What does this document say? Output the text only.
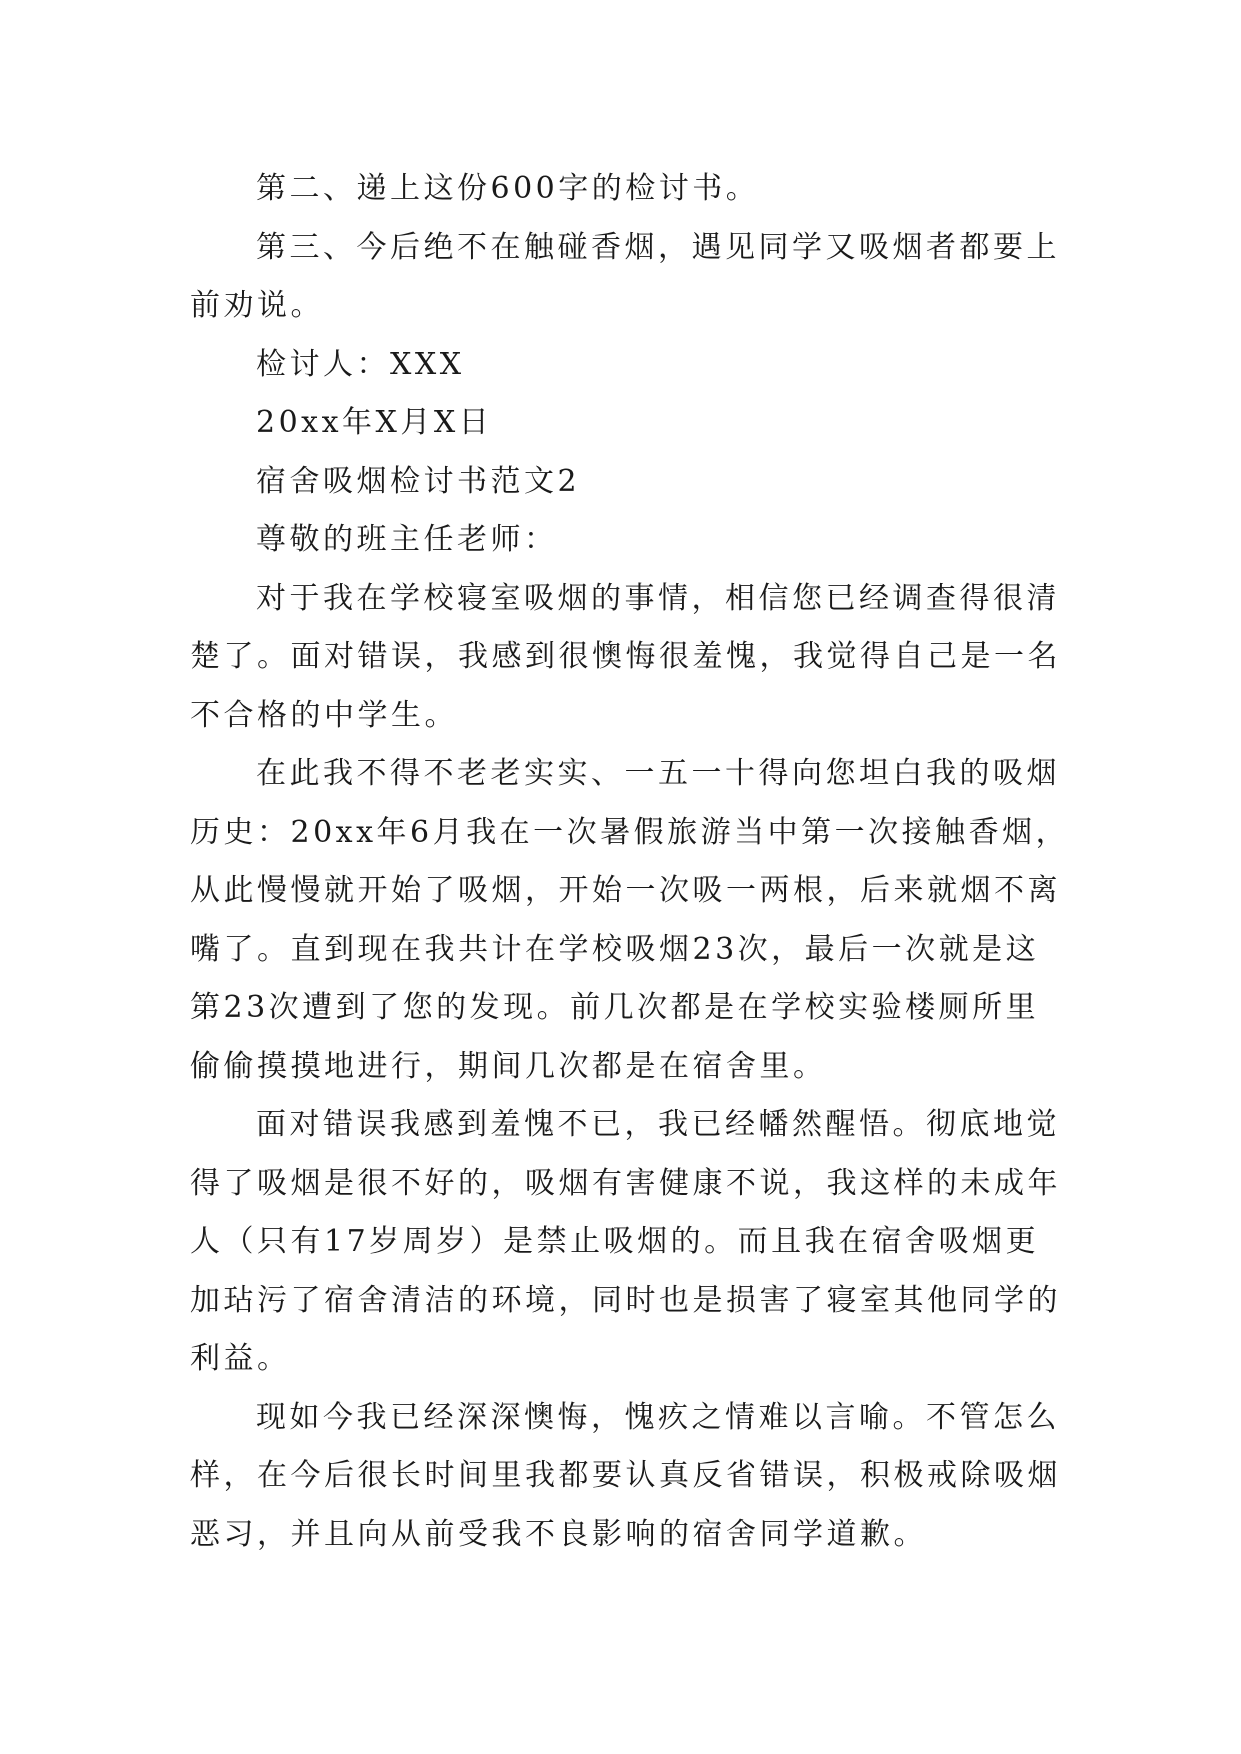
第二、递上这份600字的检讨书。
第三、今后绝不在触碰香烟，遇见同学又吸烟者都要上
前劝说。
检讨人：XXX
20xx年X月X日
宿舍吸烟检讨书范文2
尊敬的班主任老师：
对于我在学校寝室吸烟的事情，相信您已经调查得很清
楚了。面对错误，我感到很懊悔很羞愧，我觉得自己是一名
不合格的中学生。
在此我不得不老老实实、一五一十得向您坦白我的吸烟
历史：20xx年6月我在一次暑假旅游当中第一次接触香烟，
从此慢慢就开始了吸烟，开始一次吸一两根，后来就烟不离
嘴了。直到现在我共计在学校吸烟23次，最后一次就是这
第23次遭到了您的发现。前几次都是在学校实验楼厕所里
偷偷摸摸地进行，期间几次都是在宿舍里。
面对错误我感到羞愧不已，我已经幡然醒悟。彻底地觉
得了吸烟是很不好的，吸烟有害健康不说，我这样的未成年
人（只有17岁周岁）是禁止吸烟的。而且我在宿舍吸烟更
加玷污了宿舍清洁的环境，同时也是损害了寝室其他同学的
利益。
现如今我已经深深懊悔，愧疚之情难以言喻。不管怎么
样，在今后很长时间里我都要认真反省错误，积极戒除吸烟
恶习，并且向从前受我不良影响的宿舍同学道歉。
